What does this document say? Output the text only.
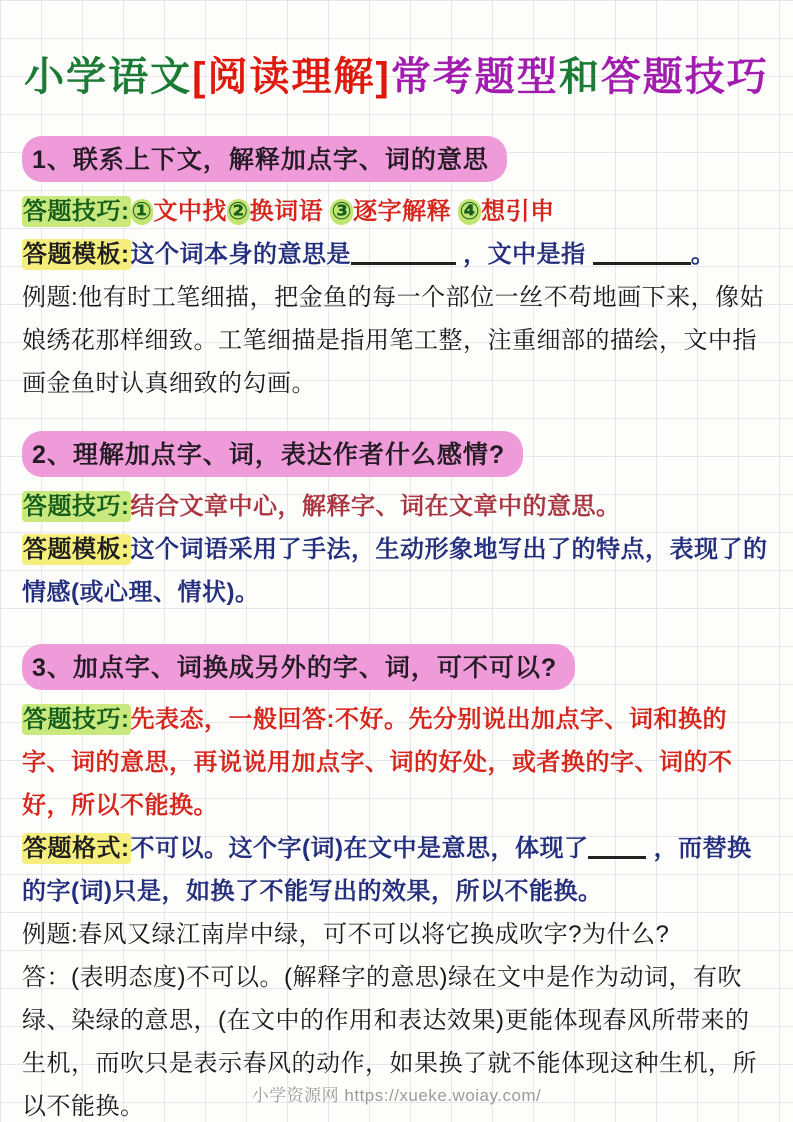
小学语文[阅读理解]常考题型和答题技巧
1、联系上下文，解释加点字、词的意思

答题技巧:①文中找②换词语 ③逐字解释 ④想引申

答题模板:这个词本身的意思是	，文中是指	。

例题:他有时工笔细描，把金鱼的每一个部位一丝不苟地画下来，像姑娘绣花那样细致。工笔细描是指用笔工整，注重细部的描绘，文中指画金鱼时认真细致的勾画。

2、理解加点字、词，表达作者什么感情?

答题技巧:结合文章中心，解释字、词在文章中的意思。

答题模板:这个词语采用了手法，生动形象地写出了的特点，表现了的情感(或心理、情状)。

3、加点字、词换成另外的字、词，可不可以?

答题技巧:先表态，一般回答:不好。先分别说出加点字、词和换的字、词的意思，再说说用加点字、词的好处，或者换的字、词的不好，所以不能换。

答题格式:不可以。这个字(词)在文中是意思，体现了 ，而替换的字(词)只是，如换了不能写出的效果，所以不能换。

例题:春风又绿江南岸中绿，可不可以将它换成吹字?为什么?

答：(表明态度)不可以。(解释字的意思)绿在文中是作为动词，有吹绿、染绿的意思，(在文中的作用和表达效果)更能体现春风所带来的生机，而吹只是表示春风的动作，如果换了就不能体现这种生机，所以不能换。	小学资源网 https://xueke.woiay.com/
